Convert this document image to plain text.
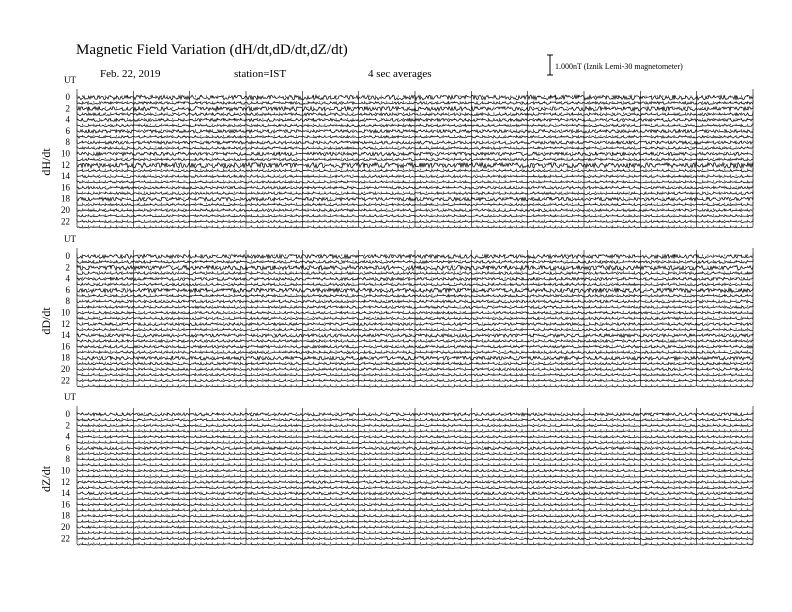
Magnetic Field Variation (dH/dt,dD/dt,dZ/dt)
Feb. 22, 2019	station=IST	4 sec averages
1.000nT (Iznik Lemi-30 magnetometer)
UT
dH/dt
0
2
4
6
8
10
12
14
16
18
20
22
UT
dD/dt
0
2
4
6
8
10
12
14
16
18
20
22
UT
dZ/dt
0
2
4
6
8
10
12
14
16
18
20
22
